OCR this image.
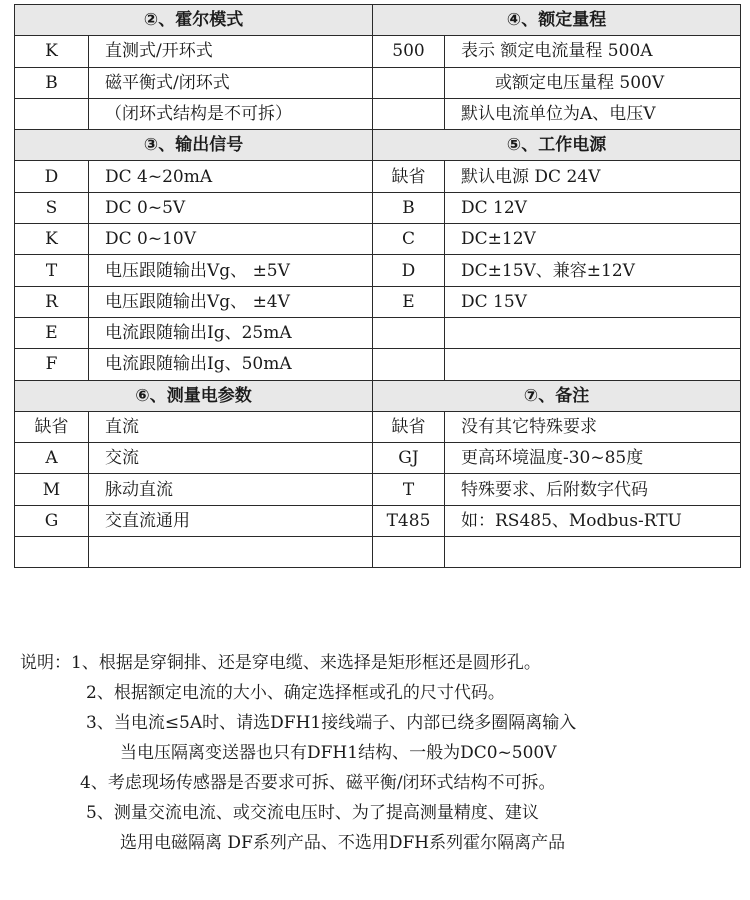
②、霍尔模式		④、额定量程	
K	直测式/开环式	500	表示 额定电流量程 500A
B	磁平衡式/闭环式		或额定电压量程 500V
	（闭环式结构是不可拆）		默认电流单位为A、电压V
③、输出信号		⑤、工作电源	
D	DC 4~20mA	缺省	默认电源 DC 24V
S	DC 0~5V	B	DC 12V
K	DC 0~10V	C	DC±12V
T	电压跟随输出Vg、 ±5V	D	DC±15V、兼容±12V
R	电压跟随输出Vg、 ±4V	E	DC 15V
E	电流跟随输出Ig、25mA		
F	电流跟随输出Ig、50mA		
⑥、测量电参数		⑦、备注	
缺省	直流	缺省	没有其它特殊要求
A	交流	GJ	更高环境温度-30~85度
M	脉动直流	T	特殊要求、后附数字代码
G	交直流通用	T485	如：RS485、Modbus-RTU

说明：1、根据是穿铜排、还是穿电缆、来选择是矩形框还是圆形孔。
2、根据额定电流的大小、确定选择框或孔的尺寸代码。
3、当电流≤5A时、请选DFH1接线端子、内部已绕多圈隔离输入
当电压隔离变送器也只有DFH1结构、一般为DC0~500V
4、考虑现场传感器是否要求可拆、磁平衡/闭环式结构不可拆。
5、测量交流电流、或交流电压时、为了提高测量精度、建议
选用电磁隔离 DF系列产品、不选用DFH系列霍尔隔离产品
